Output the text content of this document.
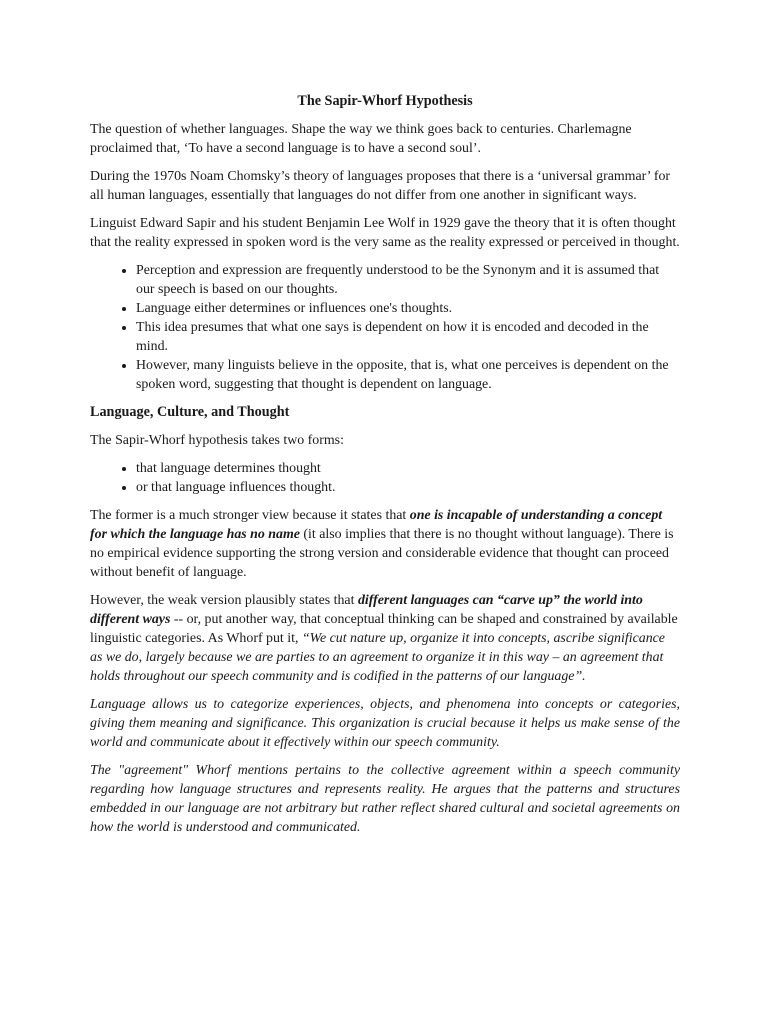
The Sapir-Whorf Hypothesis

The question of whether languages. Shape the way we think goes back to centuries. Charlemagne proclaimed that, ‘To have a second language is to have a second soul’.

During the 1970s Noam Chomsky’s theory of languages proposes that there is a ‘universal grammar’ for all human languages, essentially that languages do not differ from one another in significant ways.

Linguist Edward Sapir and his student Benjamin Lee Wolf in 1929 gave the theory that it is often thought that the reality expressed in spoken word is the very same as the reality expressed or perceived in thought.

• Perception and expression are frequently understood to be the Synonym and it is assumed that our speech is based on our thoughts.
• Language either determines or influences one's thoughts.
• This idea presumes that what one says is dependent on how it is encoded and decoded in the mind.
• However, many linguists believe in the opposite, that is, what one perceives is dependent on the spoken word, suggesting that thought is dependent on language.
Language, Culture, and Thought

The Sapir-Whorf hypothesis takes two forms:

• that language determines thought
• or that language influences thought.

The former is a much stronger view because it states that one is incapable of understanding a concept for which the language has no name (it also implies that there is no thought without language). There is no empirical evidence supporting the strong version and considerable evidence that thought can proceed without benefit of language.

However, the weak version plausibly states that different languages can “carve up” the world into different ways -- or, put another way, that conceptual thinking can be shaped and constrained by available linguistic categories. As Whorf put it, “We cut nature up, organize it into concepts, ascribe significance as we do, largely because we are parties to an agreement to organize it in this way – an agreement that holds throughout our speech community and is codified in the patterns of our language”.

Language allows us to categorize experiences, objects, and phenomena into concepts or categories, giving them meaning and significance. This organization is crucial because it helps us make sense of the world and communicate about it effectively within our speech community.

The "agreement" Whorf mentions pertains to the collective agreement within a speech community regarding how language structures and represents reality. He argues that the patterns and structures embedded in our language are not arbitrary but rather reflect shared cultural and societal agreements on how the world is understood and communicated.
